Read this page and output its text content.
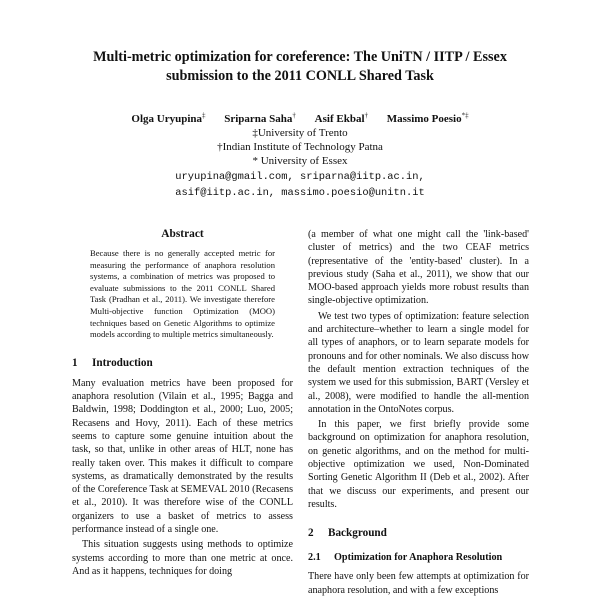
Multi-metric optimization for coreference: The UniTN / IITP / Essex
submission to the 2011 CONLL Shared Task
Olga Uryupina‡ Sriparna Saha† Asif Ekbal† Massimo Poesio*‡
‡University of Trento
†Indian Institute of Technology Patna
* University of Essex
uryupina@gmail.com, sriparna@iitp.ac.in,
asif@iitp.ac.in, massimo.poesio@unitn.it
Abstract

Because there is no generally accepted metric for measuring the performance of anaphora resolution systems, a combination of metrics was proposed to evaluate submissions to the 2011 CONLL Shared Task (Pradhan et al., 2011). We investigate therefore Multi-objective function Optimization (MOO) techniques based on Genetic Algorithms to optimize models according to multiple metrics simultaneously.

1 Introduction

Many evaluation metrics have been proposed for anaphora resolution (Vilain et al., 1995; Bagga and Baldwin, 1998; Doddington et al., 2000; Luo, 2005; Recasens and Hovy, 2011). Each of these metrics seems to capture some genuine intuition about the task, so that, unlike in other areas of HLT, none has really taken over. This makes it difficult to compare systems, as dramatically demonstrated by the results of the Coreference Task at SEMEVAL 2010 (Recasens et al., 2010). It was therefore wise of the CONLL organizers to use a basket of metrics to assess performance instead of a single one.

This situation suggests using methods to optimize systems according to more than one metric at once. And as it happens, techniques for doing

(a member of what one might call the 'link-based' cluster of metrics) and the two CEAF metrics (representative of the 'entity-based' cluster). In a previous study (Saha et al., 2011), we show that our MOO-based approach yields more robust results than single-objective optimization.

We test two types of optimization: feature selection and architecture–whether to learn a single model for all types of anaphors, or to learn separate models for pronouns and for other nominals. We also discuss how the default mention extraction techniques of the system we used for this submission, BART (Versley et al., 2008), were modified to handle the all-mention annotation in the OntoNotes corpus.

In this paper, we first briefly provide some background on optimization for anaphora resolution, on genetic algorithms, and on the method for multi-objective optimization we used, Non-Dominated Sorting Genetic Algorithm II (Deb et al., 2002). After that we discuss our experiments, and present our results.

2 Background
2.1 Optimization for Anaphora Resolution

There have only been few attempts at optimization for anaphora resolution, and with a few exceptions
